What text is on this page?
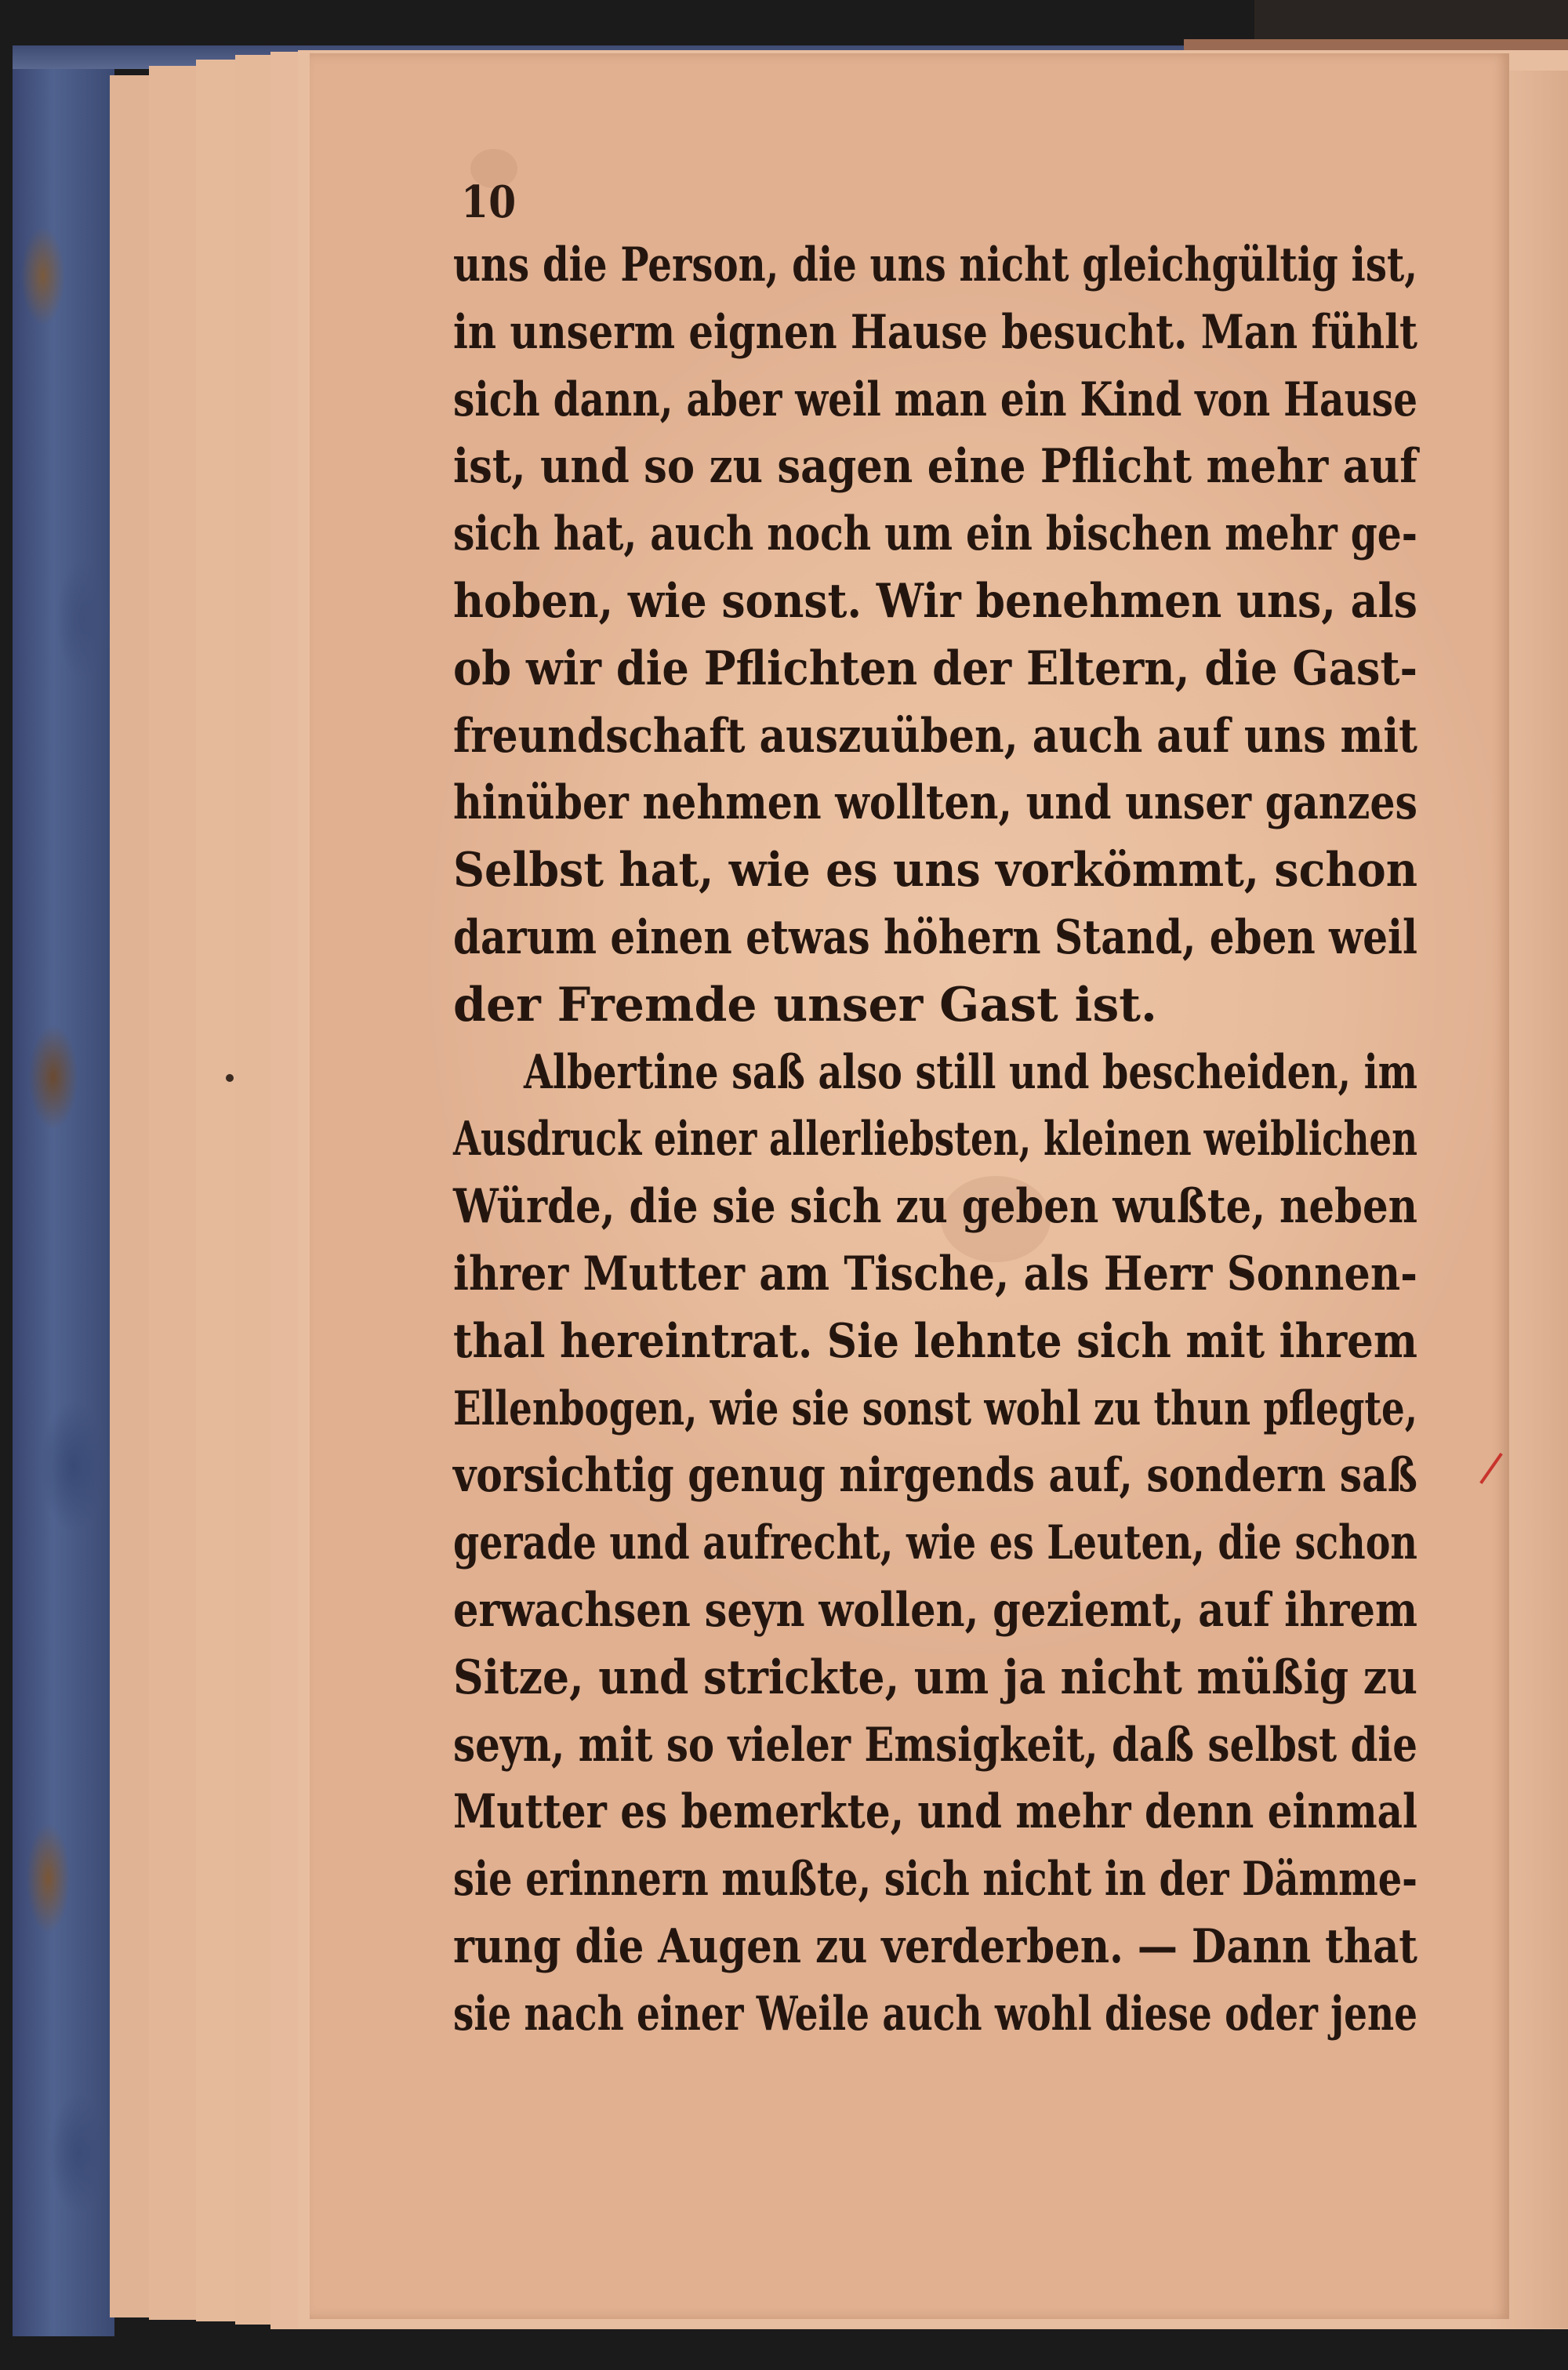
10
uns die Person, die uns nicht gleichgültig ist,
in unserm eignen Hause besucht. Man fühlt
sich dann, aber weil man ein Kind von Hause
ist, und so zu sagen eine Pflicht mehr auf
sich hat, auch noch um ein bischen mehr ge-
hoben, wie sonst. Wir benehmen uns, als
ob wir die Pflichten der Eltern, die Gast-
freundschaft auszuüben, auch auf uns mit
hinüber nehmen wollten, und unser ganzes
Selbst hat, wie es uns vorkömmt, schon
darum einen etwas höhern Stand, eben weil
der Fremde unser Gast ist.
Albertine saß also still und bescheiden, im
Ausdruck einer allerliebsten, kleinen weiblichen
Würde, die sie sich zu geben wußte, neben
ihrer Mutter am Tische, als Herr Sonnen-
thal hereintrat. Sie lehnte sich mit ihrem
Ellenbogen, wie sie sonst wohl zu thun pflegte,
vorsichtig genug nirgends auf, sondern saß
gerade und aufrecht, wie es Leuten, die schon
erwachsen seyn wollen, geziemt, auf ihrem
Sitze, und strickte, um ja nicht müßig zu
seyn, mit so vieler Emsigkeit, daß selbst die
Mutter es bemerkte, und mehr denn einmal
sie erinnern mußte, sich nicht in der Dämme-
rung die Augen zu verderben. — Dann that
sie nach einer Weile auch wohl diese oder jene
